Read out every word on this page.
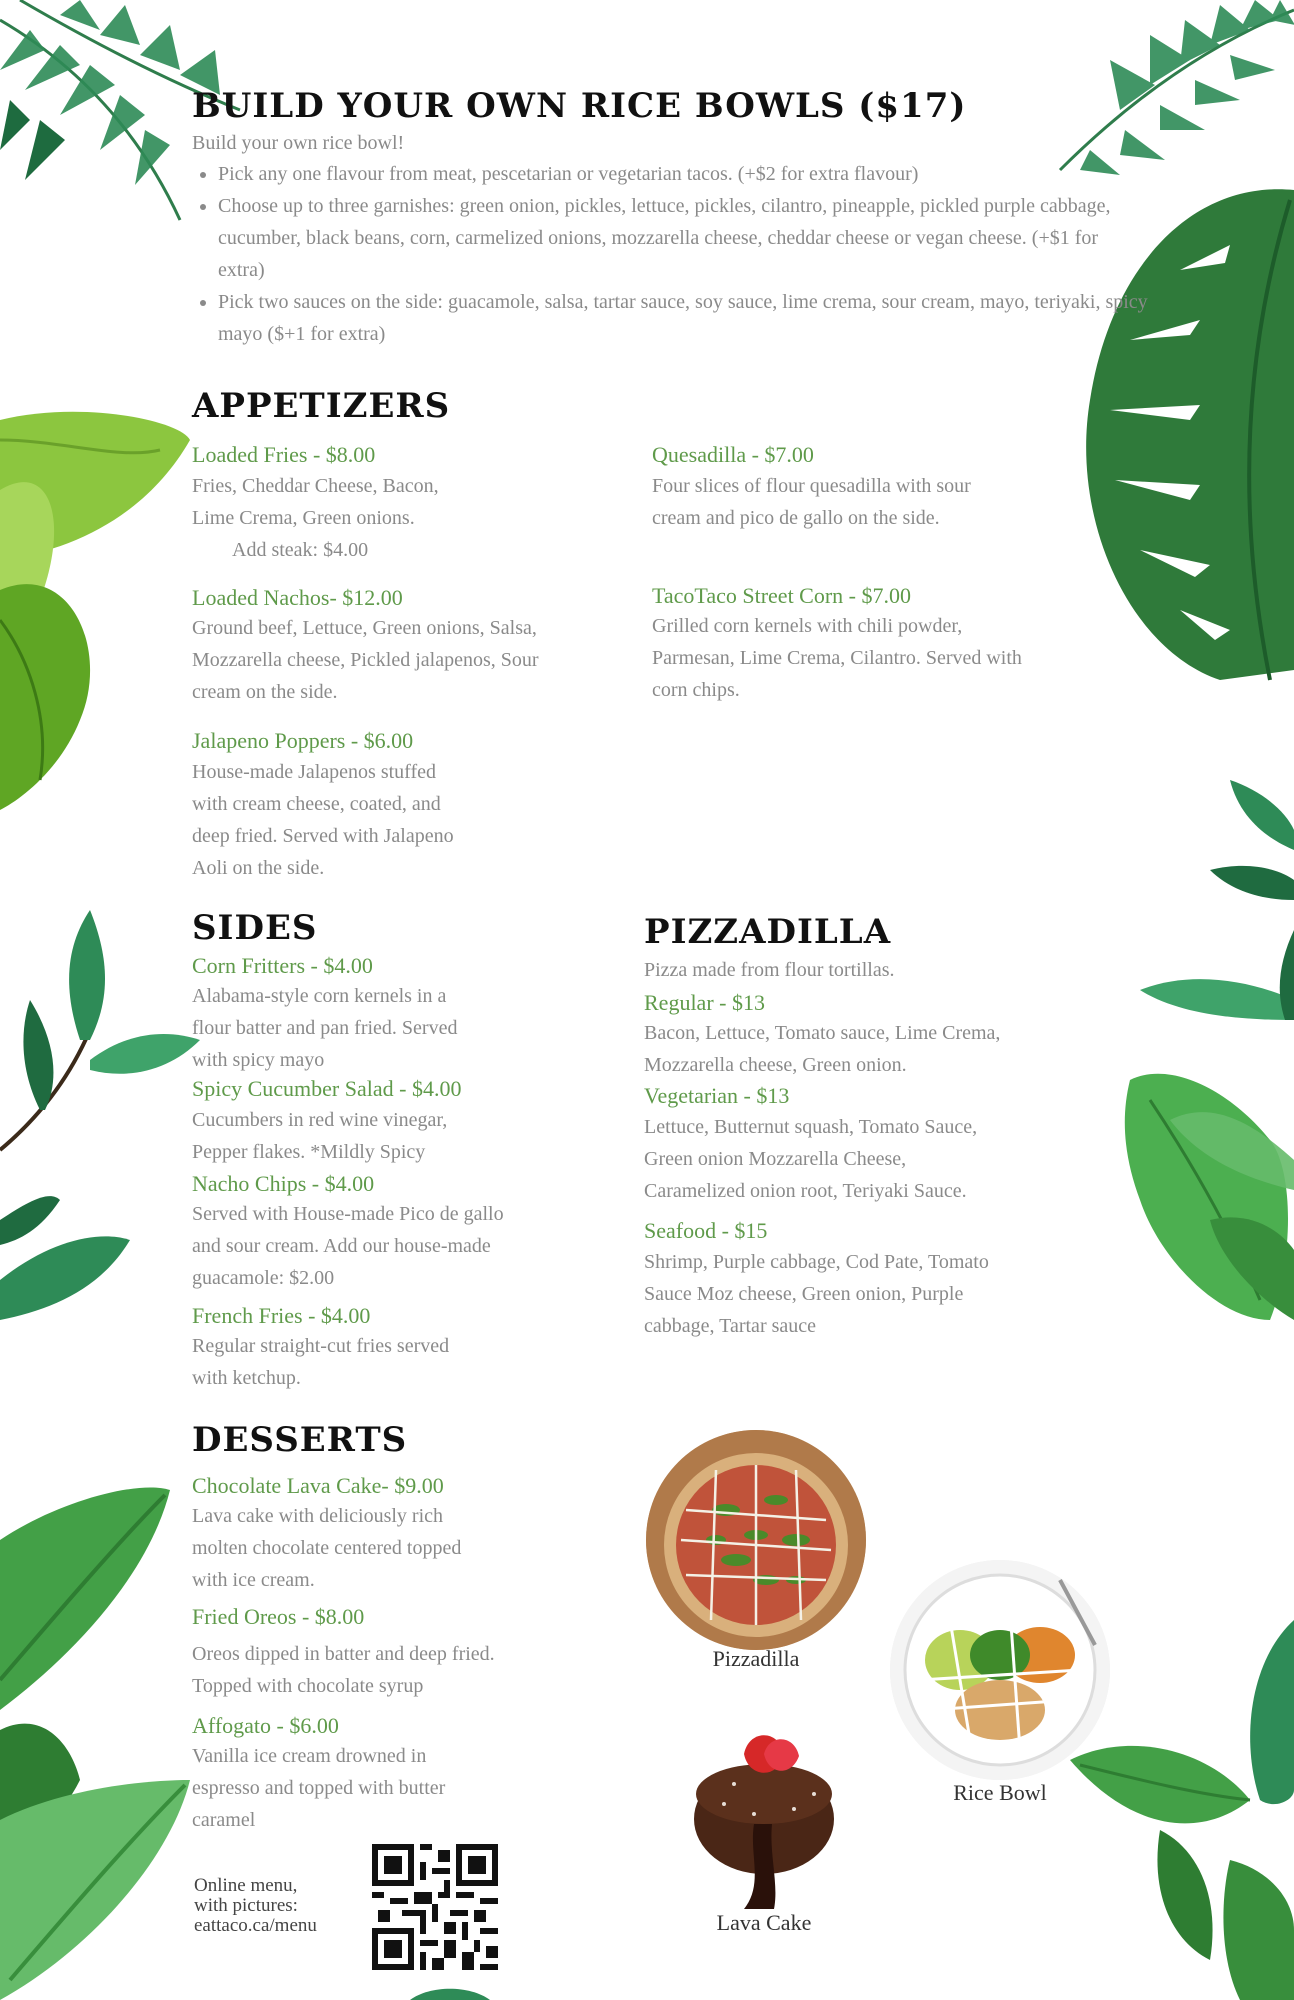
BUILD YOUR OWN RICE BOWLS ($17)
Build your own rice bowl!
• Pick any one flavour from meat, pescetarian or vegetarian tacos. (+$2 for extra flavour)
• Choose up to three garnishes: green onion, pickles, lettuce, pickles, cilantro, pineapple, pickled purple cabbage, cucumber, black beans, corn, carmelized onions, mozzarella cheese, cheddar cheese or vegan cheese. (+$1 for extra)
• Pick two sauces on the side: guacamole, salsa, tartar sauce, soy sauce, lime crema, sour cream, mayo, teriyaki, spicy mayo ($+1 for extra)
APPETIZERS
Loaded Fries - $8.00
Fries, Cheddar Cheese, Bacon,
Lime Crema, Green onions.
Add steak: $4.00
Quesadilla - $7.00
Four slices of flour quesadilla with sour
cream and pico de gallo on the side.
Loaded Nachos- $12.00
Ground beef, Lettuce, Green onions, Salsa,
Mozzarella cheese, Pickled jalapenos, Sour
cream on the side.
TacoTaco Street Corn - $7.00
Grilled corn kernels with chili powder,
Parmesan, Lime Crema, Cilantro. Served with
corn chips.
Jalapeno Poppers - $6.00
House-made Jalapenos stuffed
with cream cheese, coated, and
deep fried. Served with Jalapeno
Aoli on the side.
SIDES
Corn Fritters - $4.00
Alabama-style corn kernels in a
flour batter and pan fried. Served
with spicy mayo
Spicy Cucumber Salad - $4.00
Cucumbers in red wine vinegar,
Pepper flakes. *Mildly Spicy
Nacho Chips - $4.00
Served with House-made Pico de gallo
and sour cream. Add our house-made
guacamole: $2.00
French Fries - $4.00
Regular straight-cut fries served
with ketchup.
PIZZADILLA
Pizza made from flour tortillas.
Regular - $13
Bacon, Lettuce, Tomato sauce, Lime Crema,
Mozzarella cheese, Green onion.
Vegetarian - $13
Lettuce, Butternut squash, Tomato Sauce,
Green onion Mozzarella Cheese,
Caramelized onion root, Teriyaki Sauce.
Seafood - $15
Shrimp, Purple cabbage, Cod Pate, Tomato
Sauce Moz cheese, Green onion, Purple
cabbage, Tartar sauce
DESSERTS
Chocolate Lava Cake- $9.00
Lava cake with deliciously rich
molten chocolate centered topped
with ice cream.
Fried Oreos - $8.00
Oreos dipped in batter and deep fried.
Topped with chocolate syrup
Affogato - $6.00
Vanilla ice cream drowned in
espresso and topped with butter
caramel
Online menu,
with pictures:
eattaco.ca/menu
Pizzadilla
Rice Bowl
Lava Cake
